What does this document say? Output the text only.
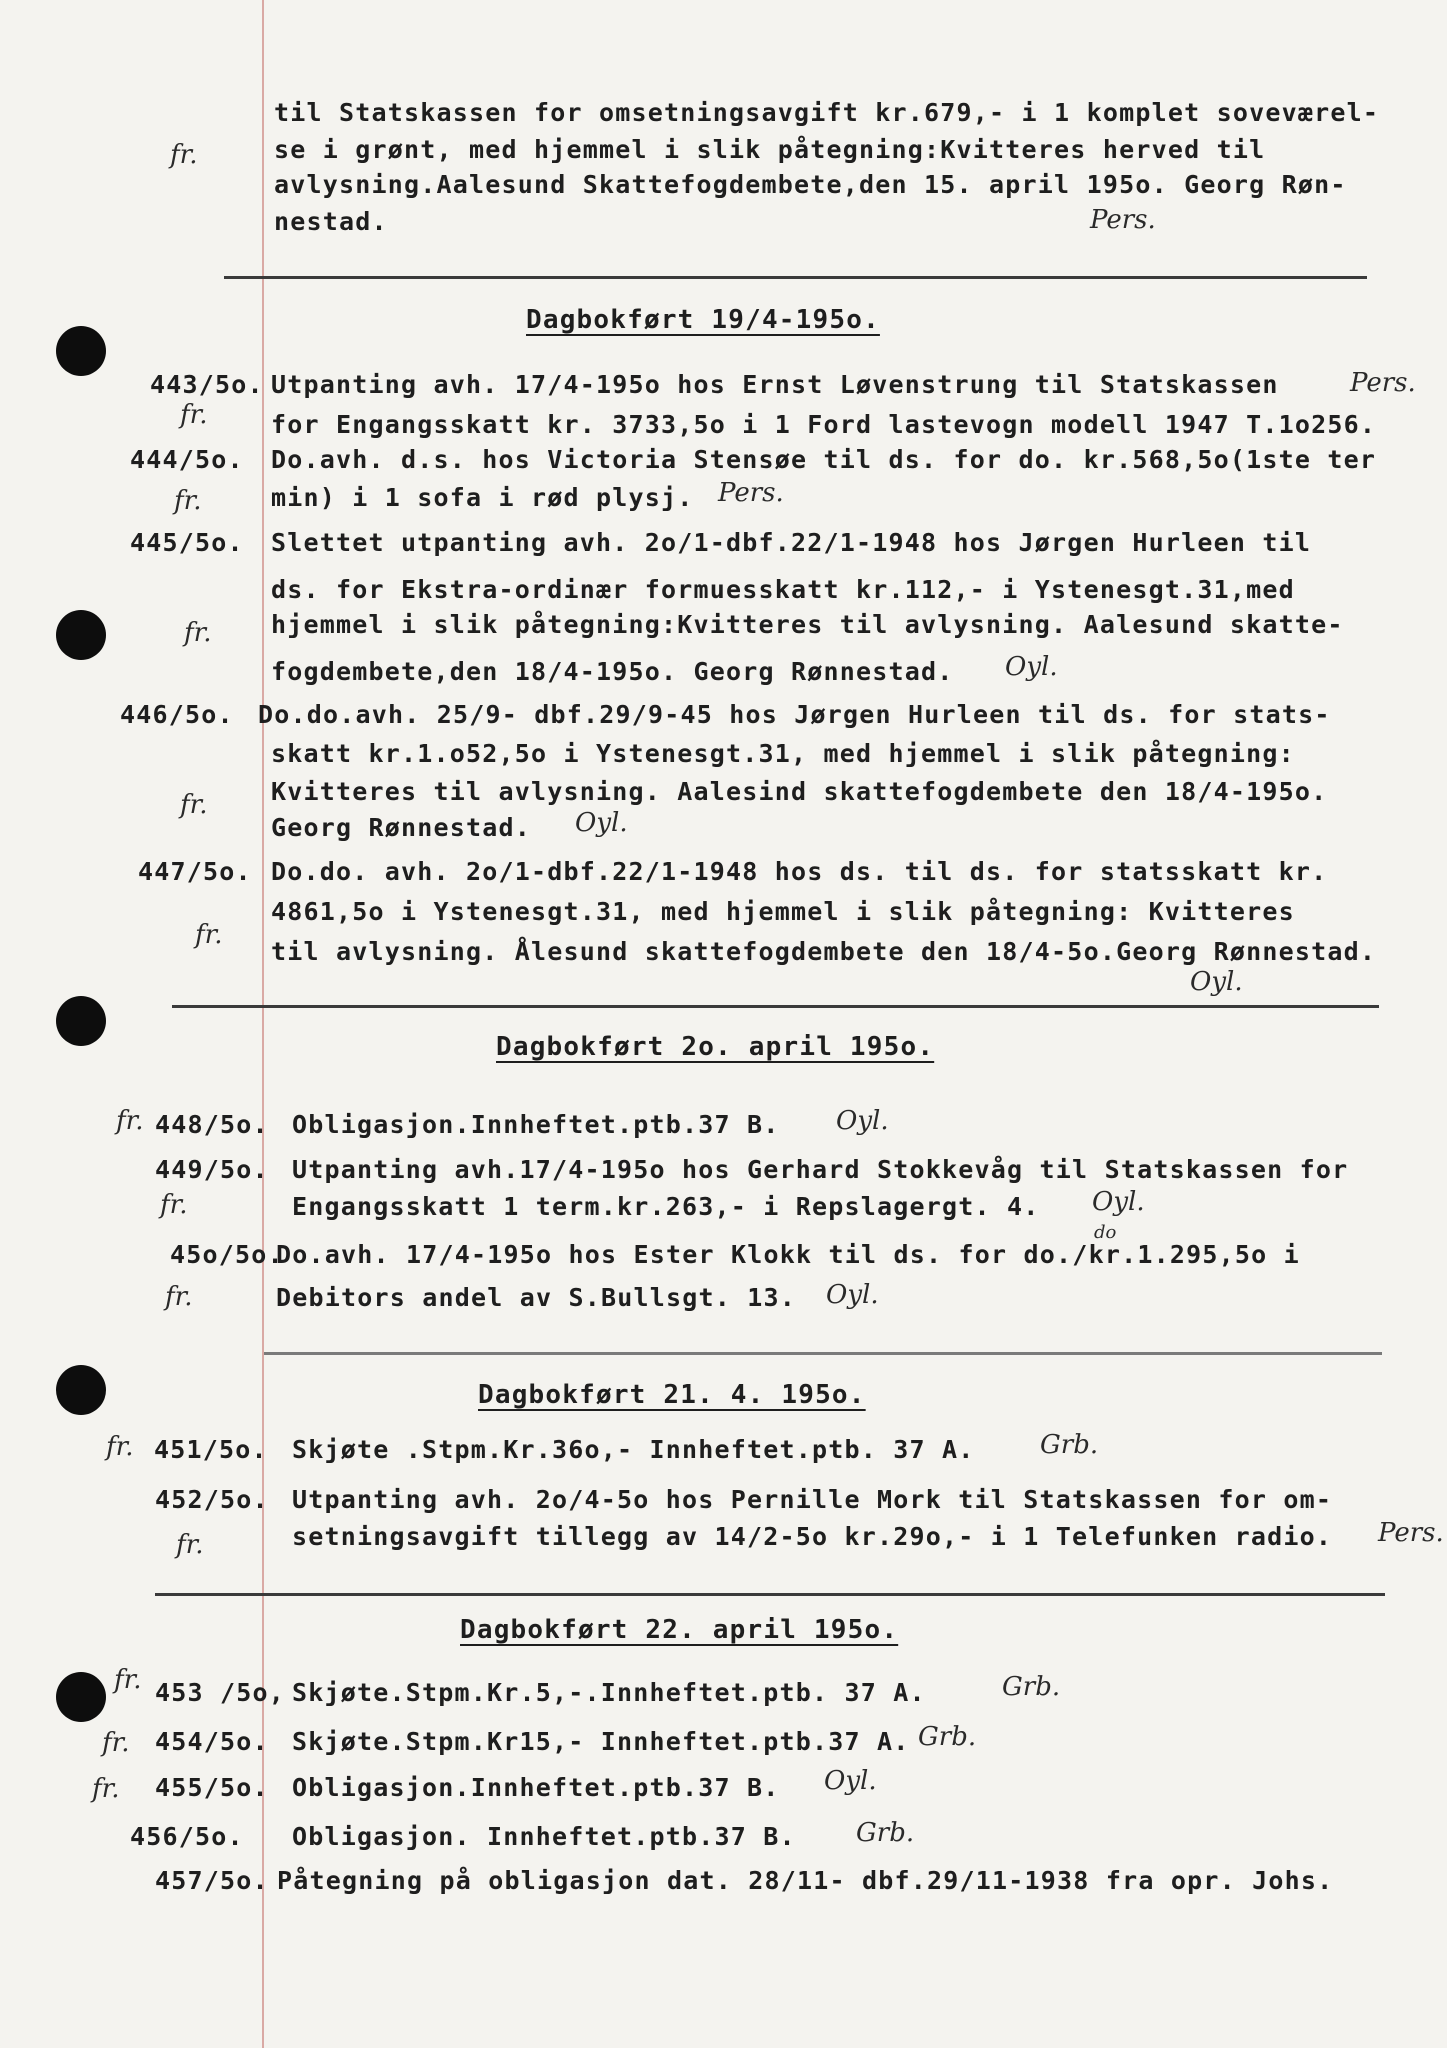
til Statskassen for omsetningsavgift kr.679,- i 1 komplet soveværel-
se i grønt, med hjemmel i slik påtegning:Kvitteres herved til
avlysning.Aalesund Skattefogdembete,den 15. april 195o. Georg Røn-
nestad.
fr.
Pers.
Dagbokført 19/4-195o.
443/5o. Utpanting avh. 17/4-195o hos Ernst Løvenstrung til Statskassen
for Engangsskatt kr. 3733,5o i 1 Ford lastevogn modell 1947 T.1o256.
Pers.
fr.
444/5o. Do.avh. d.s. hos Victoria Stensøe til ds. for do. kr.568,5o(1ste ter
min) i 1 sofa i rød plysj.
fr.	Pers.
445/5o. Slettet utpanting avh. 2o/1-dbf.22/1-1948 hos Jørgen Hurleen til
ds. for Ekstra-ordinær formuesskatt kr.112,- i Ystenesgt.31,med
hjemmel i slik påtegning:Kvitteres til avlysning. Aalesund skatte-
fogdembete,den 18/4-195o. Georg Rønnestad.
fr.
Oyl.
446/5o. Do.do.avh. 25/9- dbf.29/9-45 hos Jørgen Hurleen til ds. for stats-
skatt kr.1.o52,5o i Ystenesgt.31, med hjemmel i slik påtegning:
Kvitteres til avlysning. Aalesind skattefogdembete den 18/4-195o.
Georg Rønnestad.
fr.
Oyl.
447/5o. Do.do. avh. 2o/1-dbf.22/1-1948 hos ds. til ds. for statsskatt kr.
4861,5o i Ystenesgt.31, med hjemmel i slik påtegning: Kvitteres
til avlysning. Ålesund skattefogdembete den 18/4-5o.Georg Rønnestad.
fr.
Oyl.
Dagbokført 2o. april 195o.
448/5o. Obligasjon.Innheftet.ptb.37 B.
fr.	Oyl.
449/5o. Utpanting avh.17/4-195o hos Gerhard Stokkevåg til Statskassen for
Engangsskatt 1 term.kr.263,- i Repslagergt. 4.
fr.	Oyl.
45o/5o.
Do.avh. 17/4-195o hos Ester Klokk til ds. for do./kr.1.295,5o i
Debitors andel av S.Bullsgt. 13.
do
fr.	Oyl.
Dagbokført 21. 4. 195o.
451/5o. Skjøte .Stpm.Kr.36o,- Innheftet.ptb. 37 A.
fr.	Grb.
452/5o. Utpanting avh. 2o/4-5o hos Pernille Mork til Statskassen for om-
setningsavgift tillegg av 14/2-5o kr.29o,- i 1 Telefunken radio.
fr.	Pers.
Dagbokført 22. april 195o.
453 /5o, Skjøte.Stpm.Kr.5,-.Innheftet.ptb. 37 A.
fr.	Grb.
454/5o. Skjøte.Stpm.Kr15,- Innheftet.ptb.37 A.
fr.	Grb.
455/5o. Obligasjon.Innheftet.ptb.37 B.
fr.	Oyl.
456/5o. Obligasjon. Innheftet.ptb.37 B. Grb.
457/5o. Påtegning på obligasjon dat. 28/11- dbf.29/11-1938 fra opr. Johs.
